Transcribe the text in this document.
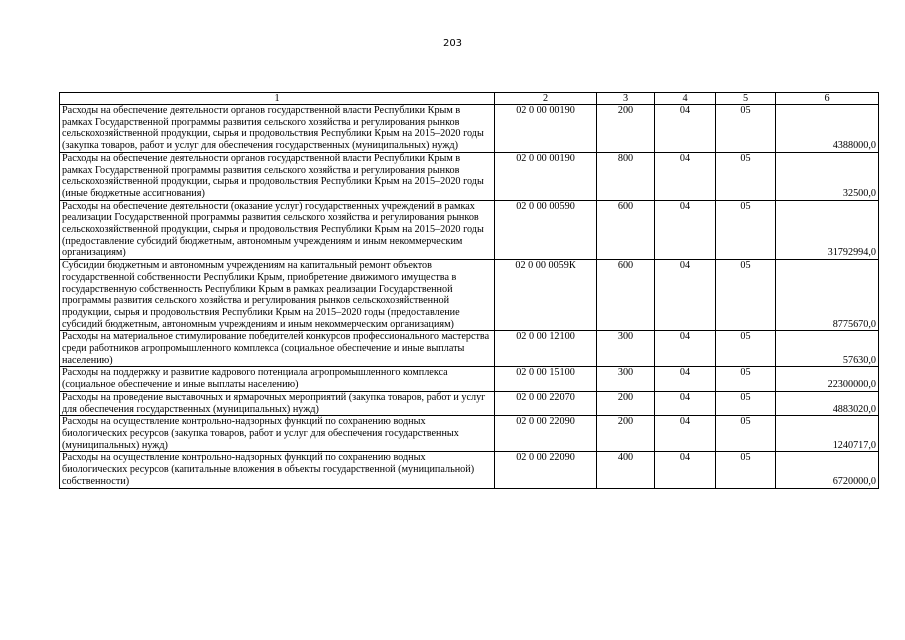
203
1	2	3	4	5	6
Расходы на обеспечение деятельности органов государственной власти Республики Крым в рамках Государственной программы развития сельского хозяйства и регулирования рынков сельскохозяйственной продукции, сырья и продовольствия Республики Крым на 2015–2020 годы (закупка товаров, работ и услуг для обеспечения государственных (муниципальных) нужд)	02 0 00 00190	200	04	05	4388000,0
Расходы на обеспечение деятельности органов государственной власти Республики Крым в рамках Государственной программы развития сельского хозяйства и регулирования рынков сельскохозяйственной продукции, сырья и продовольствия Республики Крым на 2015–2020 годы (иные бюджетные ассигнования)	02 0 00 00190	800	04	05	32500,0
Расходы на обеспечение деятельности (оказание услуг) государственных учреждений в рамках реализации Государственной программы развития сельского хозяйства и регулирования рынков сельскохозяйственной продукции, сырья и продовольствия Республики Крым на 2015–2020 годы (предоставление субсидий бюджетным, автономным учреждениям и иным некоммерческим организациям)	02 0 00 00590	600	04	05	31792994,0
Субсидии бюджетным и автономным учреждениям на капитальный ремонт объектов государственной собственности Республики Крым, приобретение движимого имущества в государственную собственность Республики Крым в рамках реализации Государственной программы развития сельского хозяйства и регулирования рынков сельскохозяйственной продукции, сырья и продовольствия Республики Крым на 2015–2020 годы (предоставление субсидий бюджетным, автономным учреждениям и иным некоммерческим организациям)	02 0 00 0059К	600	04	05	8775670,0
Расходы на материальное стимулирование победителей конкурсов профессионального мастерства среди работников агропромышленного комплекса (социальное обеспечение и иные выплаты населению)	02 0 00 12100	300	04	05	57630,0
Расходы на поддержку и развитие кадрового потенциала агропромышленного комплекса (социальное обеспечение и иные выплаты населению)	02 0 00 15100	300	04	05	22300000,0
Расходы на проведение выставочных и ярмарочных мероприятий (закупка товаров, работ и услуг для обеспечения государственных (муниципальных) нужд)	02 0 00 22070	200	04	05	4883020,0
Расходы на осуществление контрольно-надзорных функций по сохранению водных биологических ресурсов (закупка товаров, работ и услуг для обеспечения государственных (муниципальных) нужд)	02 0 00 22090	200	04	05	1240717,0
Расходы на осуществление контрольно-надзорных функций по сохранению водных биологических ресурсов (капитальные вложения в объекты государственной (муниципальной) собственности)	02 0 00 22090	400	04	05	6720000,0
